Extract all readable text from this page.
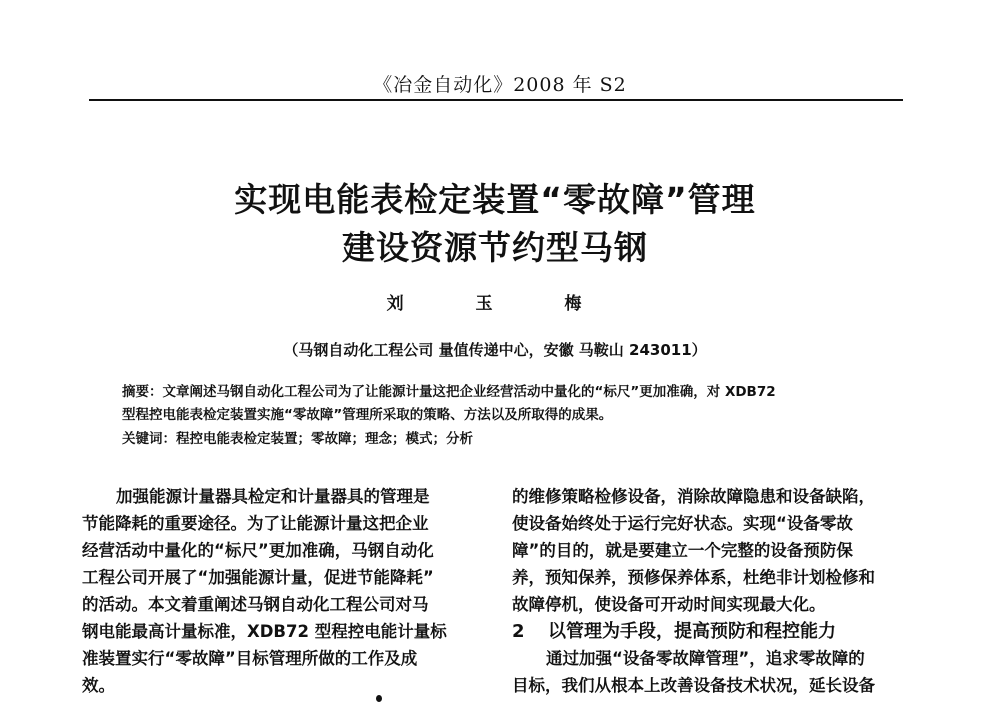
《冶金自动化》2008 年 S2
实现电能表检定装置“零故障”管理
建设资源节约型马钢
刘 玉 梅
（马钢自动化工程公司 量值传递中心，安徽 马鞍山 243011）
摘要：文章阐述马钢自动化工程公司为了让能源计量这把企业经营活动中量化的“标尺”更加准确，对 XDB72
型程控电能表检定装置实施“零故障”管理所采取的策略、方法以及所取得的成果。
关键词：程控电能表检定装置；零故障；理念；模式；分析
加强能源计量器具检定和计量器具的管理是
节能降耗的重要途径。为了让能源计量这把企业
经营活动中量化的“标尺”更加准确，马钢自动化
工程公司开展了“加强能源计量，促进节能降耗”
的活动。本文着重阐述马钢自动化工程公司对马
钢电能最高计量标准，XDB72 型程控电能计量标
准装置实行“零故障”目标管理所做的工作及成
效。
的维修策略检修设备，消除故障隐患和设备缺陷，
使设备始终处于运行完好状态。实现“设备零故
障”的目的，就是要建立一个完整的设备预防保
养，预知保养，预修保养体系，杜绝非计划检修和
故障停机，使设备可开动时间实现最大化。
2 以管理为手段，提高预防和程控能力
通过加强“设备零故障管理”，追求零故障的
目标，我们从根本上改善设备技术状况，延长设备
